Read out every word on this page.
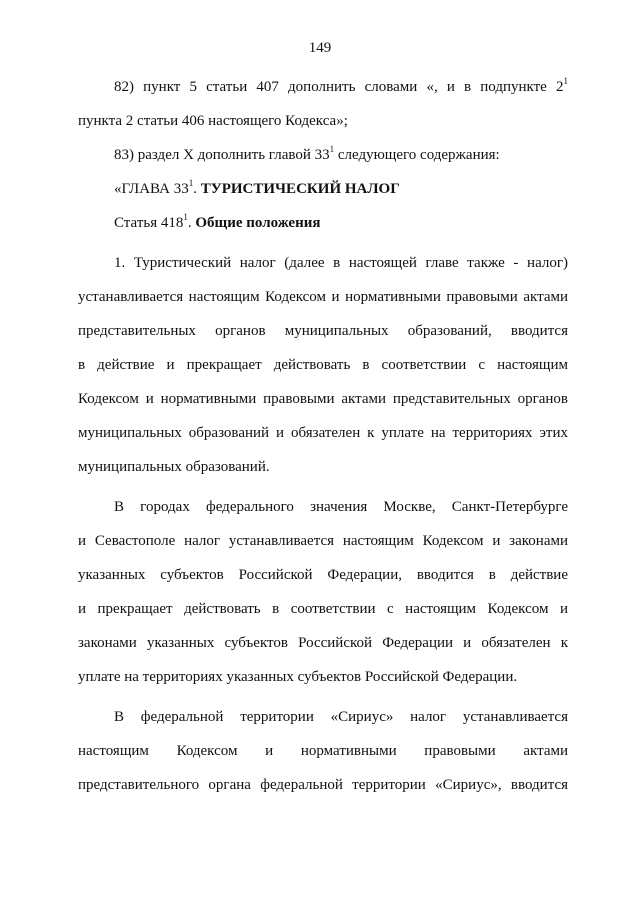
149
82) пункт 5 статьи 407 дополнить словами «, и в подпункте $2^1$
пункта 2 статьи 406 настоящего Кодекса»;
83) раздел X дополнить главой $33^1$ следующего содержания:
«ГЛАВА $33^1$. ТУРИСТИЧЕСКИЙ НАЛОГ
Статья $418^1$. Общие положения
1. Туристический налог (далее в настоящей главе также - налог)
устанавливается настоящим Кодексом и нормативными правовыми актами
представительных органов муниципальных образований, вводится
в действие и прекращает действовать в соответствии с настоящим
Кодексом и нормативными правовыми актами представительных органов
муниципальных образований и обязателен к уплате на территориях этих
муниципальных образований.
В городах федерального значения Москве, Санкт-Петербурге
и Севастополе налог устанавливается настоящим Кодексом и законами
указанных субъектов Российской Федерации, вводится в действие
и прекращает действовать в соответствии с настоящим Кодексом и
законами указанных субъектов Российской Федерации и обязателен к
уплате на территориях указанных субъектов Российской Федерации.
В федеральной территории «Сириус» налог устанавливается
настоящим Кодексом и нормативными правовыми актами
представительного органа федеральной территории «Сириус», вводится
